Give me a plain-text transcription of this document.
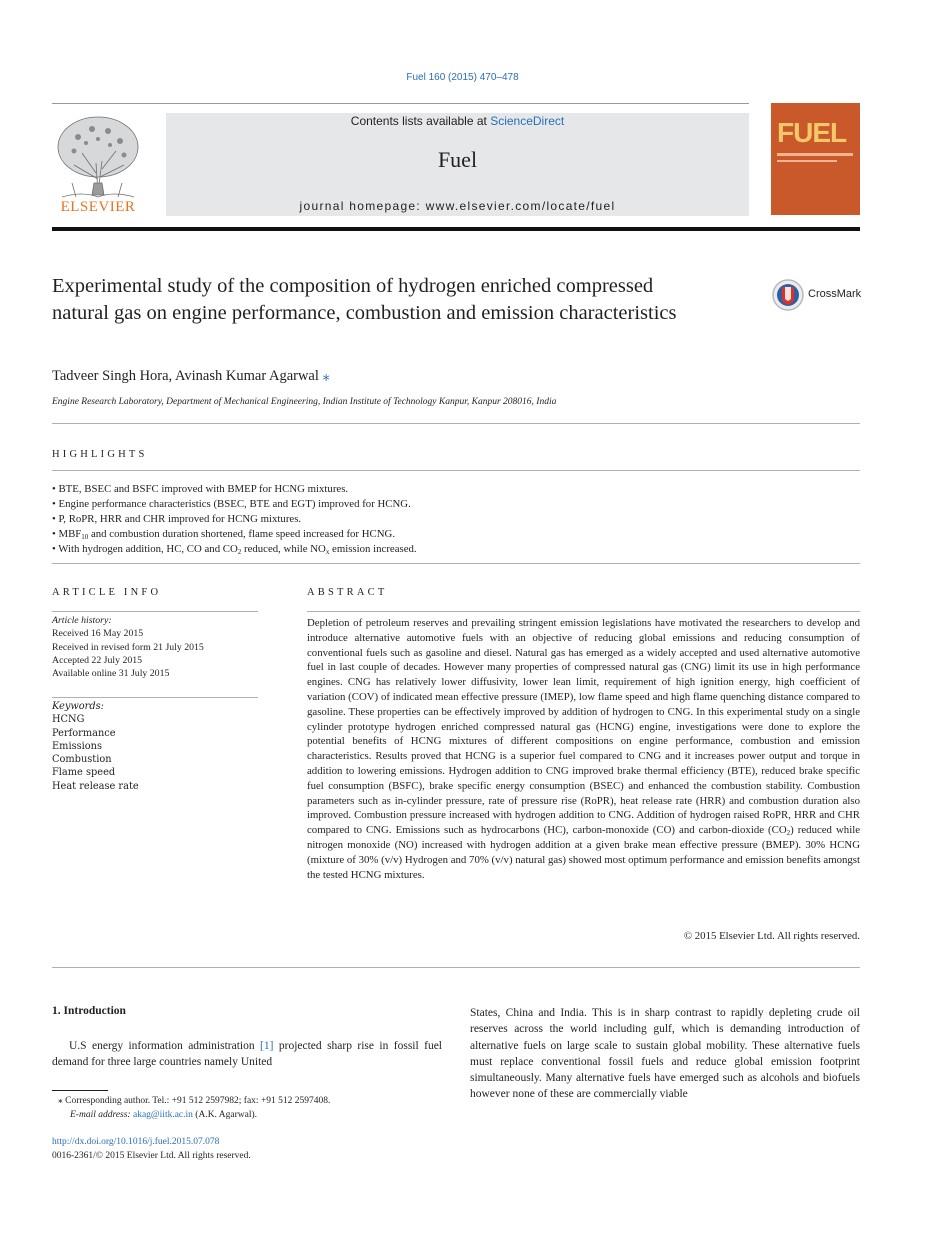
Fuel 160 (2015) 470–478
ELSEVIER
Contents lists available at ScienceDirect
Fuel
journal homepage: www.elsevier.com/locate/fuel
FUEL
Experimental study of the composition of hydrogen enriched compressed natural gas on engine performance, combustion and emission characteristics
CrossMark
Tadveer Singh Hora, Avinash Kumar Agarwal ⁎
Engine Research Laboratory, Department of Mechanical Engineering, Indian Institute of Technology Kanpur, Kanpur 208016, India
HIGHLIGHTS
• BTE, BSEC and BSFC improved with BMEP for HCNG mixtures.
• Engine performance characteristics (BSEC, BTE and EGT) improved for HCNG.
• P, RoPR, HRR and CHR improved for HCNG mixtures.
• $MBF_{10}$ and combustion duration shortened, flame speed increased for HCNG.
• With hydrogen addition, HC, CO and $CO_2$ reduced, while $NO_x$ emission increased.
ARTICLE INFO
Article history:
Received 16 May 2015
Received in revised form 21 July 2015
Accepted 22 July 2015
Available online 31 July 2015
Keywords:
HCNG
Performance
Emissions
Combustion
Flame speed
Heat release rate
ABSTRACT
Depletion of petroleum reserves and prevailing stringent emission legislations have motivated the researchers to develop and introduce alternative automotive fuels with an objective of reducing global emissions and reducing consumption of conventional fuels such as gasoline and diesel. Natural gas has emerged as a widely accepted and used alternative automotive fuel in last couple of decades. However many properties of compressed natural gas (CNG) limit its use in high performance engines. CNG has relatively lower diffusivity, lower lean limit, requirement of high ignition energy, high coefficient of variation (COV) of indicated mean effective pressure (IMEP), low flame speed and high flame quenching distance compared to gasoline. These properties can be effectively improved by addition of hydrogen to CNG. In this experimental study on a single cylinder prototype hydrogen enriched compressed natural gas (HCNG) engine, investigations were done to explore the potential benefits of HCNG mixtures of different compositions on engine performance, combustion and emission characteristics. Results proved that HCNG is a superior fuel compared to CNG and it increases power output and torque in addition to lowering emissions. Hydrogen addition to CNG improved brake thermal efficiency (BTE), reduced brake specific fuel consumption (BSFC), brake specific energy consumption (BSEC) and enhanced the combustion stability. Combustion parameters such as in-cylinder pressure, rate of pressure rise (RoPR), heat release rate (HRR) and combustion duration also improved. Combustion pressure increased with hydrogen addition to CNG. Addition of hydrogen raised RoPR, HRR and CHR compared to CNG. Emissions such as hydrocarbons (HC), carbon-monoxide (CO) and carbon-dioxide $(CO_2)$ reduced while nitrogen monoxide (NO) increased with hydrogen addition at a given brake mean effective pressure (BMEP). 30% HCNG (mixture of 30% (v/v) Hydrogen and 70% (v/v) natural gas) showed most optimum performance and emission benefits amongst the tested HCNG mixtures.
© 2015 Elsevier Ltd. All rights reserved.
1. Introduction
U.S energy information administration [1] projected sharp rise in fossil fuel demand for three large countries namely United
States, China and India. This is in sharp contrast to rapidly depleting crude oil reserves across the world including gulf, which is demanding introduction of alternative fuels on large scale to sustain global mobility. These alternative fuels must replace conventional fossil fuels and reduce global emission footprint simultaneously. Many alternative fuels have emerged such as alcohols and biofuels however none of these are commercially viable
⁎ Corresponding author. Tel.: +91 512 2597982; fax: +91 512 2597408.
E-mail address: akag@iitk.ac.in (A.K. Agarwal).
http://dx.doi.org/10.1016/j.fuel.2015.07.078
0016-2361/© 2015 Elsevier Ltd. All rights reserved.
